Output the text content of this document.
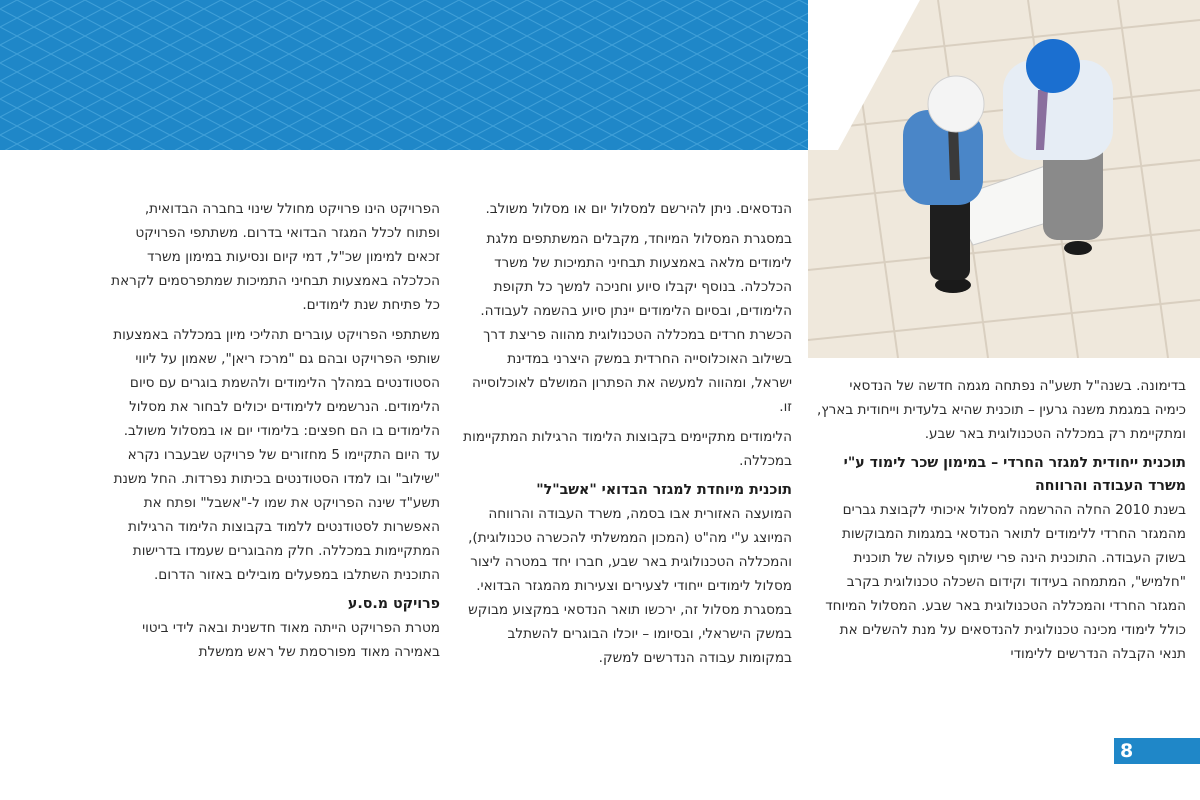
בדימונה. בשנה"ל תשע"ה נפתחה מגמה חדשה של הנדסאי כימיה במגמת משנה גרעין – תוכנית שהיא בלעדית וייחודית בארץ, ומתקיימת רק במכללה הטכנולוגית באר שבע.

תוכנית ייחודית למגזר החרדי – במימון שכר לימוד ע"י משרד העבודה והרווחה

בשנת 2010 החלה ההרשמה למסלול איכותי לקבוצת גברים מהמגזר החרדי ללימודים לתואר הנדסאי במגמות המבוקשות בשוק העבודה. התוכנית הינה פרי שיתוף פעולה של תוכנית "חלמיש", המתמחה בעידוד וקידום השכלה טכנולוגית בקרב המגזר החרדי והמכללה הטכנולוגית באר שבע. המסלול המיוחד כולל לימודי מכינה טכנולוגית להנדסאים על מנת להשלים את תנאי הקבלה הנדרשים ללימודי

הנדסאים. ניתן להירשם למסלול יום או מסלול משולב.

במסגרת המסלול המיוחד, מקבלים המשתתפים מלגת לימודים מלאה באמצעות תבחיני התמיכות של משרד הכלכלה. בנוסף יקבלו סיוע וחניכה למשך כל תקופת הלימודים, ובסיום הלימודים יינתן סיוע בהשמה לעבודה. הכשרת חרדים במכללה הטכנולוגית מהווה פריצת דרך בשילוב האוכלוסייה החרדית במשק היצרני במדינת ישראל, ומהווה למעשה את הפתרון המושלם לאוכלוסייה זו.

הלימודים מתקיימים בקבוצות הלימוד הרגילות המתקיימות במכללה.

תוכנית מיוחדת למגזר הבדואי "אשב"ל"

המועצה האזורית אבו בסמה, משרד העבודה והרווחה המיוצג ע"י מה"ט (המכון הממשלתי להכשרה טכנולוגית), והמכללה הטכנולוגית באר שבע, חברו יחד במטרה ליצור מסלול לימודים ייחודי לצעירים וצעירות מהמגזר הבדואי. במסגרת מסלול זה, ירכשו תואר הנדסאי במקצוע מבוקש במשק הישראלי, ובסיומו – יוכלו הבוגרים להשתלב במקומות עבודה הנדרשים למשק.

הפרויקט הינו פרויקט מחולל שינוי בחברה הבדואית, ופתוח לכלל המגזר הבדואי בדרום. משתתפי הפרויקט זכאים למימון שכ"ל, דמי קיום ונסיעות במימון משרד הכלכלה באמצעות תבחיני התמיכות שמתפרסמים לקראת כל פתיחת שנת לימודים.

משתתפי הפרויקט עוברים תהליכי מיון במכללה באמצעות שותפי הפרויקט ובהם גם "מרכז ריאן", שאמון על ליווי הסטודנטים במהלך הלימודים ולהשמת בוגרים עם סיום הלימודים. הנרשמים ללימודים יכולים לבחור את מסלול הלימודים בו הם חפצים: בלימודי יום או במסלול משולב. עד היום התקיימו 5 מחזורים של פרויקט שבעברו נקרא "שילוב" ובו למדו הסטודנטים בכיתות נפרדות. החל משנת תשע"ד שינה הפרויקט את שמו ל-"אשבל" ופתח את האפשרות לסטודנטים ללמוד בקבוצות הלימוד הרגילות המתקיימות במכללה. חלק מהבוגרים שעמדו בדרישות התוכנית השתלבו במפעלים מובילים באזור הדרום.

פרויקט מ.ס.ע

מטרת הפרויקט הייתה מאוד חדשנית ובאה לידי ביטוי באמירה מאוד מפורסמת של ראש ממשלת

8
